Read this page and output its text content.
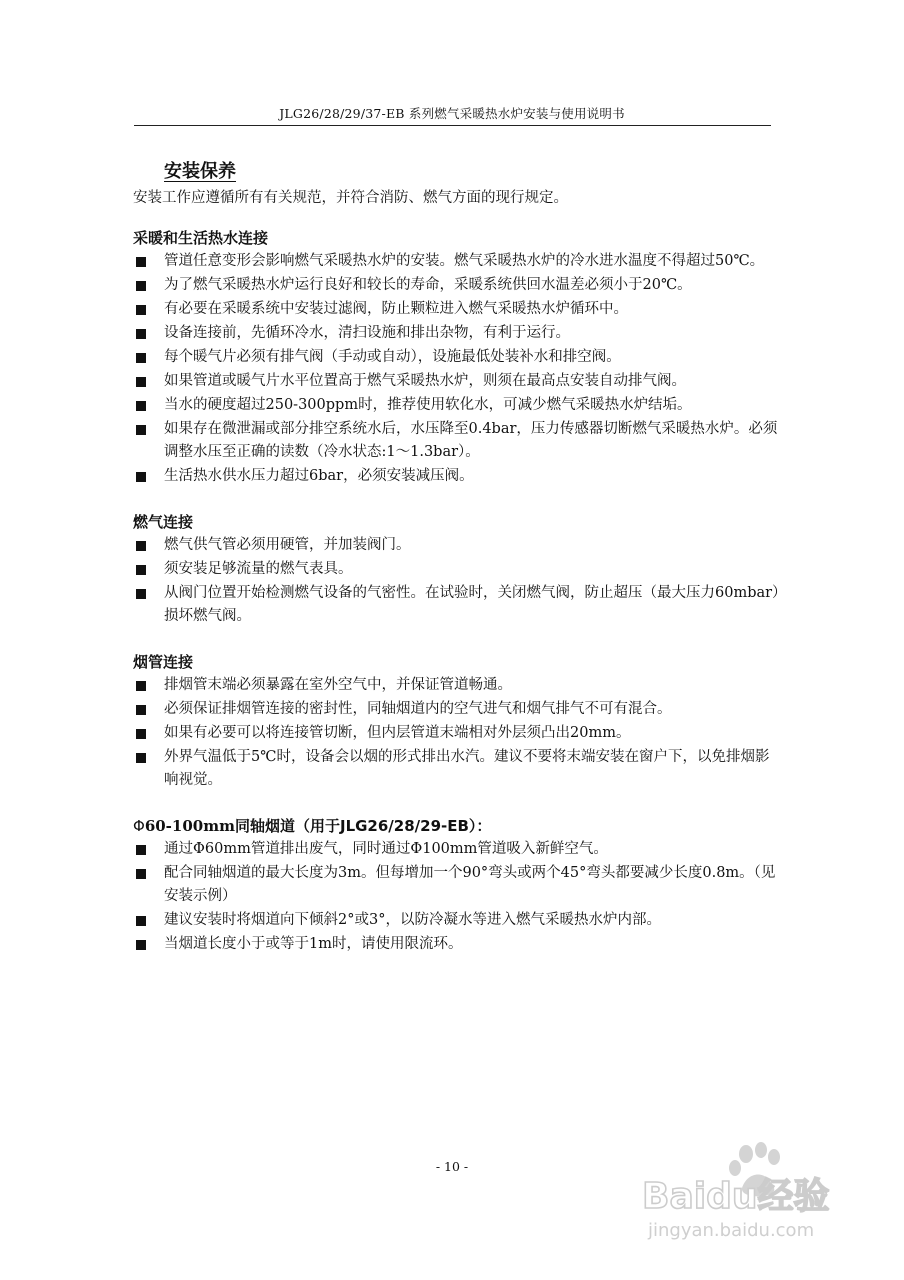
JLG26/28/29/37-EB 系列燃气采暖热水炉安装与使用说明书
安装保养
安装工作应遵循所有有关规范，并符合消防、燃气方面的现行规定。
采暖和生活热水连接
管道任意变形会影响燃气采暖热水炉的安装。燃气采暖热水炉的冷水进水温度不得超过50℃。
为了燃气采暖热水炉运行良好和较长的寿命，采暖系统供回水温差必须小于20℃。
有必要在采暖系统中安装过滤阀，防止颗粒进入燃气采暖热水炉循环中。
设备连接前，先循环冷水，清扫设施和排出杂物，有利于运行。
每个暖气片必须有排气阀（手动或自动），设施最低处装补水和排空阀。
如果管道或暖气片水平位置高于燃气采暖热水炉，则须在最高点安装自动排气阀。
当水的硬度超过250-300ppm时，推荐使用软化水，可减少燃气采暖热水炉结垢。
如果存在微泄漏或部分排空系统水后，水压降至0.4bar，压力传感器切断燃气采暖热水炉。必须调整水压至正确的读数（冷水状态:1～1.3bar）。
生活热水供水压力超过6bar，必须安装减压阀。
燃气连接
燃气供气管必须用硬管，并加装阀门。
须安装足够流量的燃气表具。
从阀门位置开始检测燃气设备的气密性。在试验时，关闭燃气阀，防止超压（最大压力60mbar）损坏燃气阀。
烟管连接
排烟管末端必须暴露在室外空气中，并保证管道畅通。
必须保证排烟管连接的密封性，同轴烟道内的空气进气和烟气排气不可有混合。
如果有必要可以将连接管切断，但内层管道末端相对外层须凸出20mm。
外界气温低于5℃时，设备会以烟的形式排出水汽。建议不要将末端安装在窗户下，以免排烟影响视觉。
Φ60-100mm同轴烟道（用于JLG26/28/29-EB）：
通过Φ60mm管道排出废气，同时通过Φ100mm管道吸入新鲜空气。
配合同轴烟道的最大长度为3m。但每增加一个90°弯头或两个45°弯头都要减少长度0.8m。（见安装示例）
建议安装时将烟道向下倾斜2°或3°，以防冷凝水等进入燃气采暖热水炉内部。
当烟道长度小于或等于1m时，请使用限流环。
- 10 -
Baidu经验
jingyan.baidu.com
